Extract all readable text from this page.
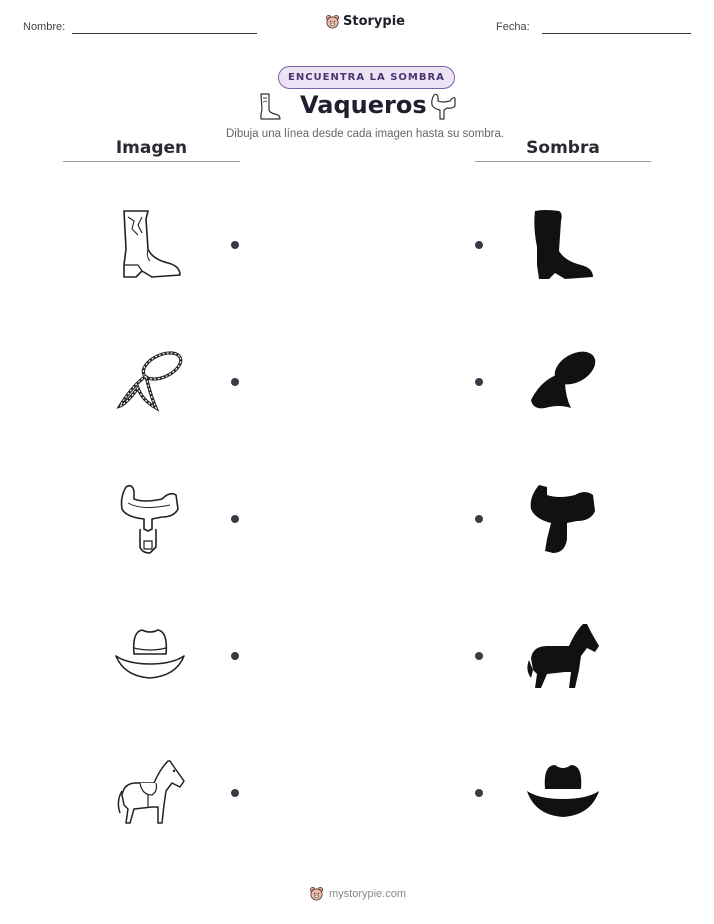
Nombre:	Storypie	Fecha:
ENCUENTRA LA SOMBRA
Vaqueros
Dibuja una línea desde cada imagen hasta su sombra.
Imagen	Sombra
mystorypie.com
